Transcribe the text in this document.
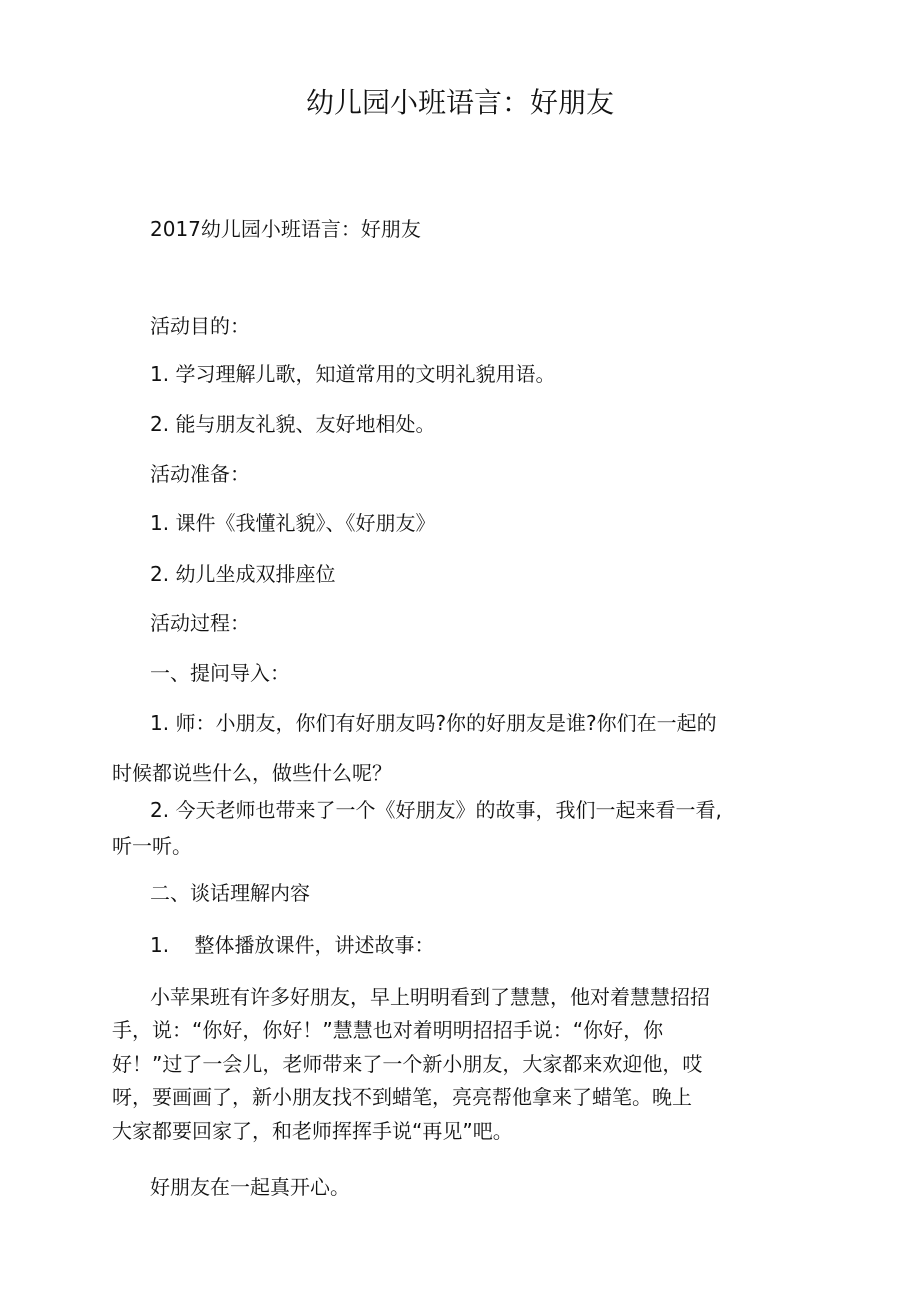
幼儿园小班语言：好朋友
2017幼儿园小班语言：好朋友
活动目的：
1. 学习理解儿歌，知道常用的文明礼貌用语。
2. 能与朋友礼貌、友好地相处。
活动准备：
1. 课件《我懂礼貌》、《好朋友》
2. 幼儿坐成双排座位
活动过程：
一、提问导入：
1. 师：小朋友，你们有好朋友吗?你的好朋友是谁?你们在一起的
时候都说些什么，做些什么呢？
2. 今天老师也带来了一个《好朋友》的故事，我们一起来看一看,
听一听。
二、谈话理解内容
1.    整体播放课件，讲述故事：
小苹果班有许多好朋友，早上明明看到了慧慧，他对着慧慧招招
手，说：“你好，你好！”慧慧也对着明明招招手说：“你好，你
好！”过了一会儿，老师带来了一个新小朋友，大家都来欢迎他，哎
呀，要画画了，新小朋友找不到蜡笔，亮亮帮他拿来了蜡笔。晚上
大家都要回家了，和老师挥挥手说“再见”吧。
好朋友在一起真开心。
